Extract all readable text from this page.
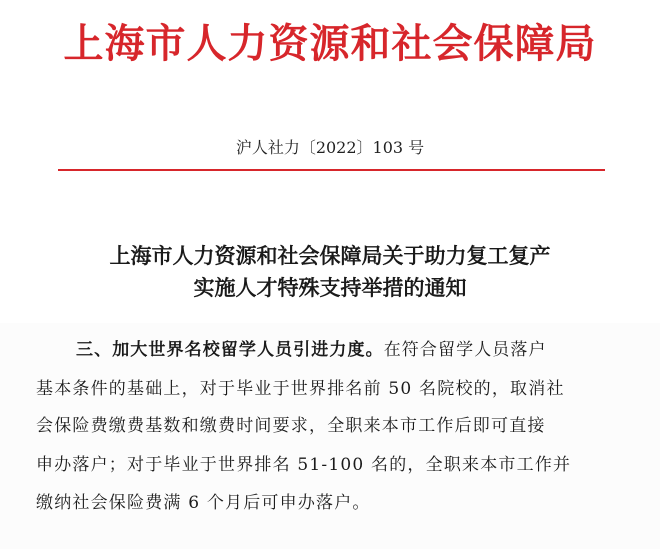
上海市人力资源和社会保障局
沪人社力〔2022〕103 号
上海市人力资源和社会保障局关于助力复工复产
实施人才特殊支持举措的通知
三、加大世界名校留学人员引进力度。在符合留学人员落户
基本条件的基础上，对于毕业于世界排名前 50 名院校的，取消社
会保险费缴费基数和缴费时间要求，全职来本市工作后即可直接
申办落户；对于毕业于世界排名 51-100 名的，全职来本市工作并
缴纳社会保险费满 6 个月后可申办落户。
